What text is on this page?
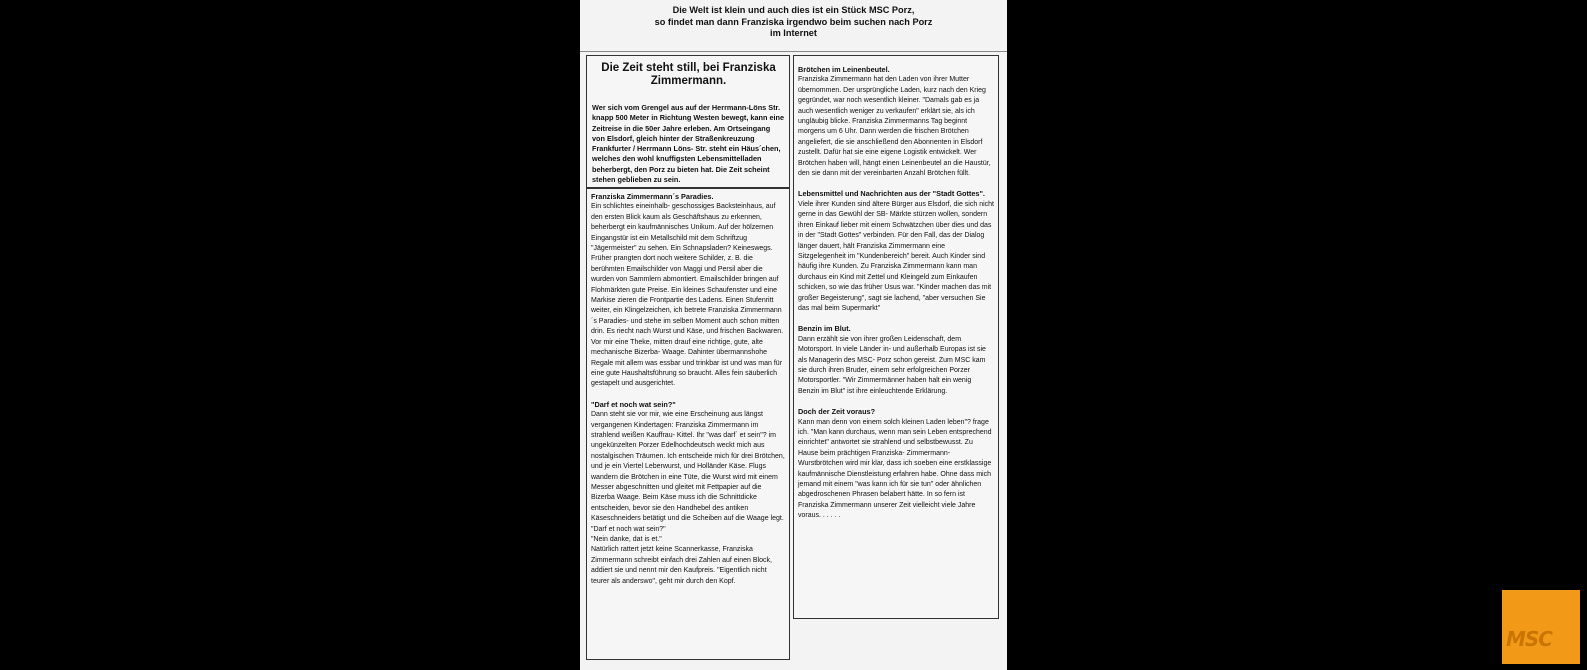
Die Welt ist klein und auch dies ist ein Stück MSC Porz,
so findet man dann Franziska irgendwo beim suchen nach Porz
im Internet
Die Zeit steht still, bei Franziska Zimmermann.

Wer sich vom Grengel aus auf der Herrmann-Löns Str. knapp 500 Meter in Richtung Westen bewegt, kann eine Zeitreise in die 50er Jahre erleben. Am Ortseingang von Elsdorf, gleich hinter der Straßenkreuzung Frankfurter / Herrmann Löns- Str. steht ein Häus´chen, welches den wohl knuffigsten Lebensmittelladen beherbergt, den Porz zu bieten hat. Die Zeit scheint stehen geblieben zu sein.

Franziska Zimmermann´s Paradies.
Ein schlichtes eineinhalb- geschossiges Backsteinhaus, auf den ersten Blick kaum als Geschäftshaus zu erkennen, beherbergt ein kaufmännisches Unikum. Auf der hölzernen Eingangstür ist ein Metallschild mit dem Schriftzug "Jägermeister" zu sehen. Ein Schnapsladen? Keineswegs. Früher prangten dort noch weitere Schilder, z. B. die berühmten Emailschilder von Maggi und Persil aber die wurden von Sammlern abmontiert. Emailschilder bringen auf Flohmärkten gute Preise. Ein kleines Schaufenster und eine Markise zieren die Frontpartie des Ladens. Einen Stufenritt weiter, ein Klingelzeichen, ich betrete Franziska Zimmermann´s Paradies- und stehe im selben Moment auch schon mitten drin. Es riecht nach Wurst und Käse, und frischen Backwaren. Vor mir eine Theke, mitten drauf eine richtige, gute, alte mechanische Bizerba- Waage. Dahinter übermannshohe Regale mit allem was essbar und trinkbar ist und was man für eine gute Haushaltsführung so braucht. Alles fein säuberlich gestapelt und ausgerichtet.
"Darf et noch wat sein?"
Dann steht sie vor mir, wie eine Erscheinung aus längst vergangenen Kindertagen: Franziska Zimmermann im strahlend weißen Kauffrau- Kittel. Ihr "was darf´ et sein"? im ungekünzelten Porzer Edelhochdeutsch weckt mich aus nostalgischen Träumen. Ich entscheide mich für drei Brötchen, und je ein Viertel Leberwurst, und Holländer Käse. Flugs wandern die Brötchen in eine Tüte, die Wurst wird mit einem Messer abgeschnitten und gleitet mit Fettpapier auf die Bizerba Waage. Beim Käse muss ich die Schnittdicke entscheiden, bevor sie den Handhebel des antiken Käseschneiders betätigt und die Scheiben auf die Waage legt.
"Darf et noch wat sein?"
"Nein danke, dat is et."
Natürlich rattert jetzt keine Scannerkasse, Franziska Zimmermann schreibt einfach drei Zahlen auf einen Block, addiert sie und nennt mir den Kaufpreis. "Eigentlich nicht teurer als anderswo", geht mir durch den Kopf.
Brötchen im Leinenbeutel.
Franziska Zimmermann hat den Laden von ihrer Mutter übernommen. Der ursprüngliche Laden, kurz nach den Krieg gegründet, war noch wesentlich kleiner. "Damals gab es ja auch wesentlich weniger zu verkaufen" erklärt sie, als ich ungläubig blicke. Franziska Zimmermanns Tag beginnt morgens um 6 Uhr. Dann werden die frischen Brötchen angeliefert, die sie anschließend den Abonnenten in Elsdorf zustellt. Dafür hat sie eine eigene Logistik entwickelt. Wer Brötchen haben will, hängt einen Leinenbeutel an die Haustür, den sie dann mit der vereinbarten Anzahl Brötchen füllt.
Lebensmittel und Nachrichten aus der "Stadt Gottes".
Viele ihrer Kunden sind ältere Bürger aus Elsdorf, die sich nicht gerne in das Gewühl der SB- Märkte stürzen wollen, sondern ihren Einkauf lieber mit einem Schwätzchen über dies und das in der "Stadt Gottes" verbinden. Für den Fall, das der Dialog länger dauert, hält Franziska Zimmermann eine Sitzgelegenheit im "Kundenbereich" bereit. Auch Kinder sind häufig ihre Kunden. Zu Franziska Zimmermann kann man durchaus ein Kind mit Zettel und Kleingeld zum Einkaufen schicken, so wie das früher Usus war. "Kinder machen das mit großer Begeisterung", sagt sie lachend, "aber versuchen Sie das mal beim Supermarkt"
Benzin im Blut.
Dann erzählt sie von ihrer großen Leidenschaft, dem Motorsport. In viele Länder in- und außerhalb Europas ist sie als Managerin des MSC- Porz schon gereist. Zum MSC kam sie durch ihren Bruder, einem sehr erfolgreichen Porzer Motorsportler. "Wir Zimmermänner haben halt ein wenig Benzin im Blut" ist ihre einleuchtende Erklärung.
Doch der Zeit voraus?
Kann man denn von einem solch kleinen Laden leben"? frage ich. "Man kann durchaus, wenn man sein Leben entsprechend einrichtet" antwortet sie strahlend und selbstbewusst. Zu Hause beim prächtigen Franziska- Zimmermann- Wurstbrötchen wird mir klar, dass ich soeben eine erstklassige kaufmännische Dienstleistung erfahren habe. Ohne dass mich jemand mit einem "was kann ich für sie tun" oder ähnlichen abgedroschenen Phrasen belabert hätte. In so fern ist Franziska Zimmermann unserer Zeit vielleicht viele Jahre voraus. . . . . .
MSC
